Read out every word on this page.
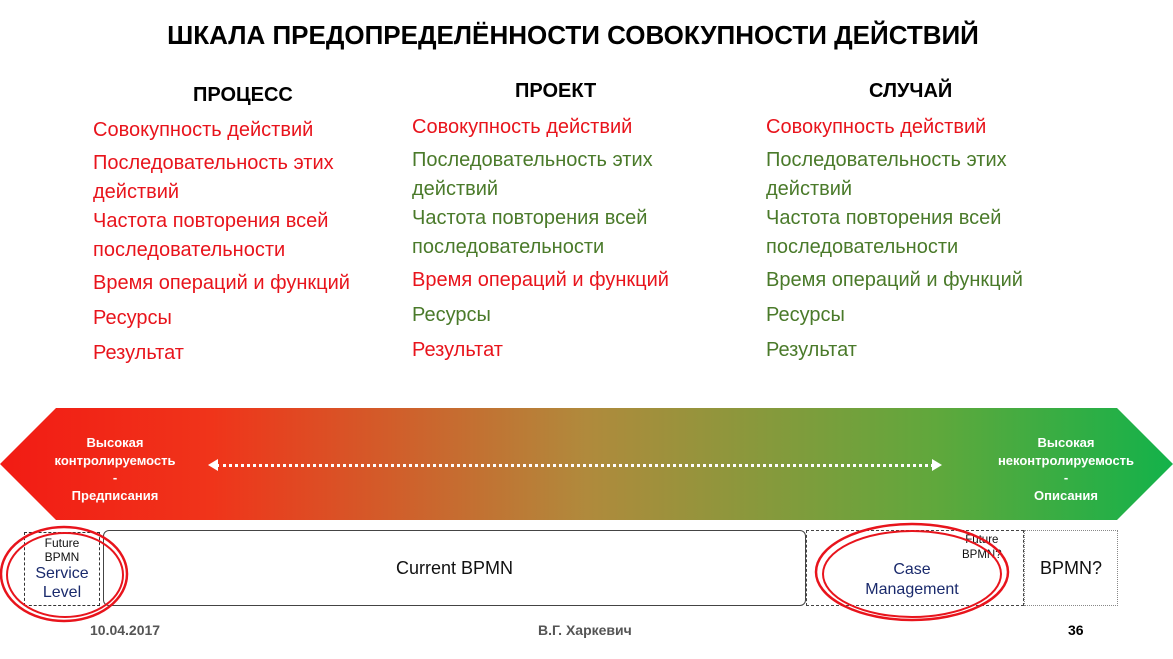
ШКАЛА ПРЕДОПРЕДЕЛЁННОСТИ СОВОКУПНОСТИ ДЕЙСТВИЙ
ПРОЦЕСС

Совокупность действий

Последовательность этих действий

Частота повторения всей последовательности

Время операций и функций

Ресурсы

Результат

ПРОЕКТ

Совокупность действий

Последовательность этих действий

Частота повторения всей последовательности

Время операций и функций

Ресурсы

Результат

СЛУЧАЙ

Совокупность действий

Последовательность этих действий

Частота повторения всей последовательности

Время операций и функций

Ресурсы

Результат

Высокая
контролируемость
-
Предписания
Высокая
неконтролируемость
-
Описания
Current BPMN
Future
BPMN
Service
Level
Case
Management
Future
BPMN?
BPMN?
10.04.2017	В.Г. Харкевич	36
